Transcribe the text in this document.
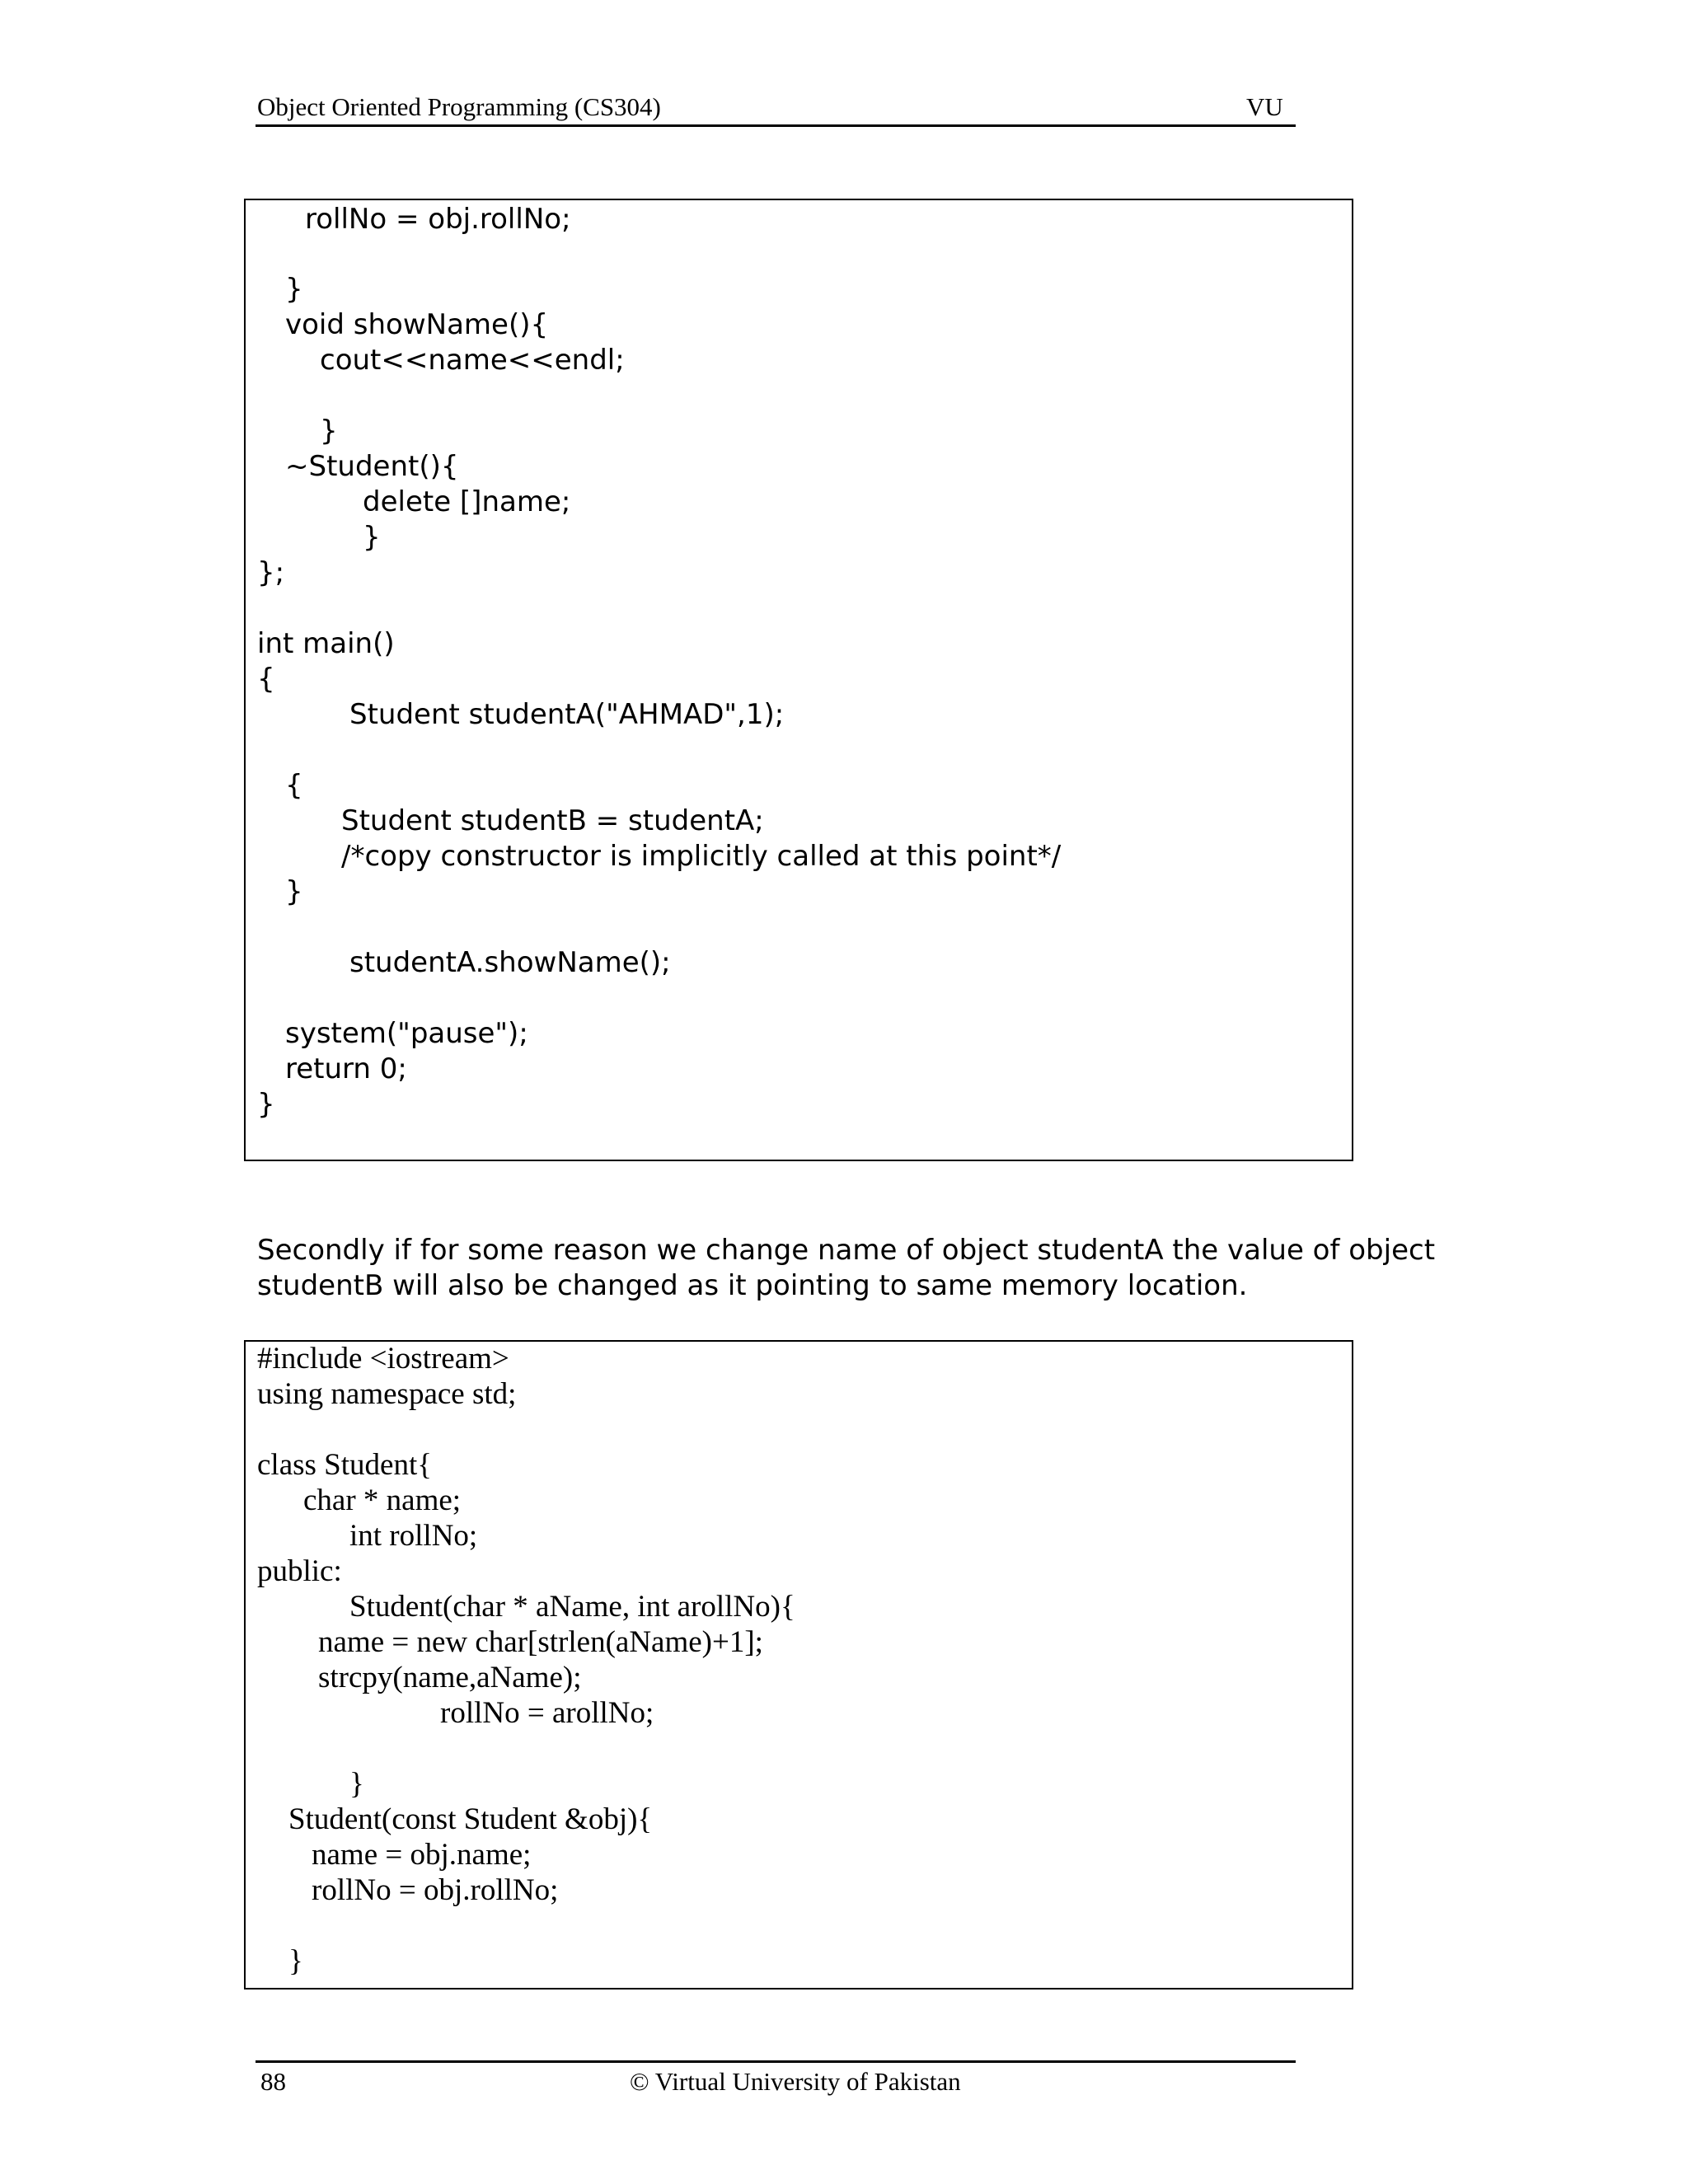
Object Oriented Programming (CS304)	VU
rollNo = obj.rollNo;
}
void showName(){
cout<<name<<endl;
}
~Student(){
delete []name;
}
};
int main()
{
Student studentA("AHMAD",1);
{
Student studentB = studentA;
/*copy constructor is implicitly called at this point*/
}
studentA.showName();
system("pause");
return 0;
}
Secondly if for some reason we change name of object studentA the value of object
studentB will also be changed as it pointing to same memory location.
#include <iostream>
using namespace std;
class Student{
char * name;
int rollNo;
public:
Student(char * aName, int arollNo){
name = new char[strlen(aName)+1];
strcpy(name,aName);
rollNo = arollNo;
}
Student(const Student &obj){
name = obj.name;
rollNo = obj.rollNo;
}
88	© Virtual University of Pakistan
